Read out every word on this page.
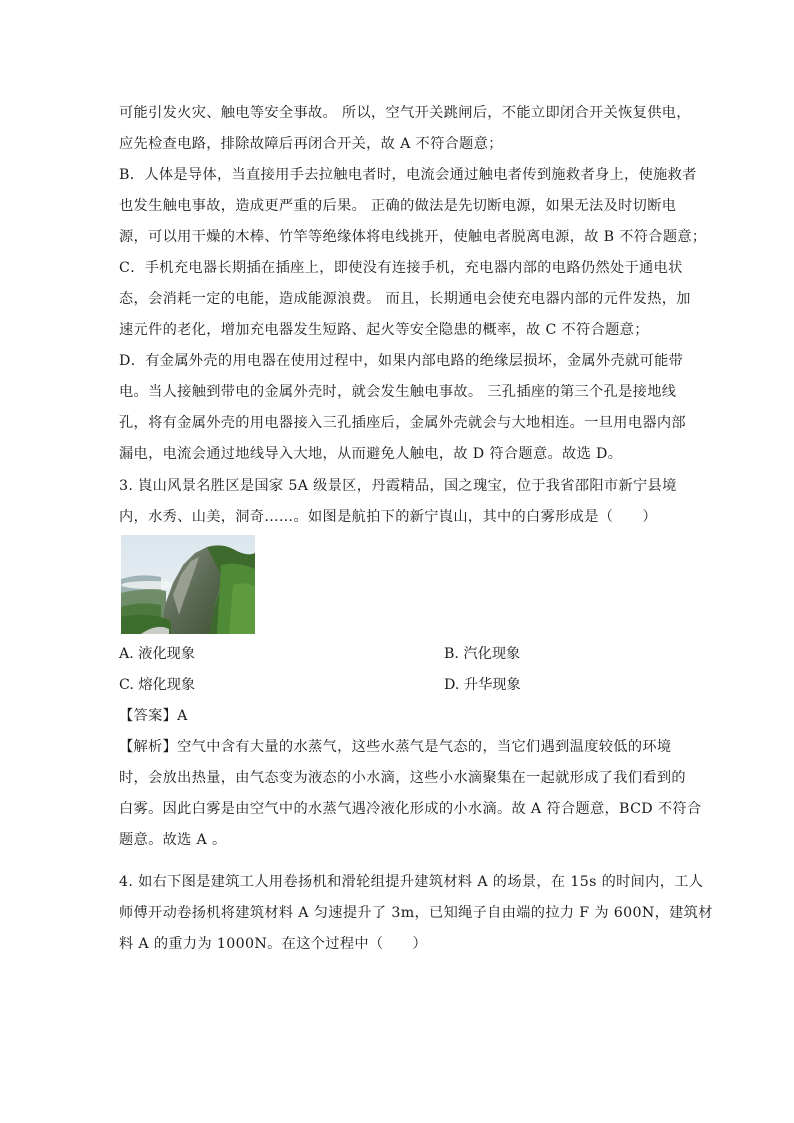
可能引发火灾、触电等安全事故。 所以，空气开关跳闸后，不能立即闭合开关恢复供电，
应先检查电路，排除故障后再闭合开关，故 A 不符合题意；
B．人体是导体，当直接用手去拉触电者时，电流会通过触电者传到施救者身上，使施救者
也发生触电事故，造成更严重的后果。 正确的做法是先切断电源，如果无法及时切断电
源，可以用干燥的木棒、竹竿等绝缘体将电线挑开，使触电者脱离电源，故 B 不符合题意；
C．手机充电器长期插在插座上，即使没有连接手机，充电器内部的电路仍然处于通电状
态，会消耗一定的电能，造成能源浪费。 而且，长期通电会使充电器内部的元件发热，加
速元件的老化，增加充电器发生短路、起火等安全隐患的概率，故 C 不符合题意；
D．有金属外壳的用电器在使用过程中，如果内部电路的绝缘层损坏，金属外壳就可能带
电。当人接触到带电的金属外壳时，就会发生触电事故。 三孔插座的第三个孔是接地线
孔，将有金属外壳的用电器接入三孔插座后，金属外壳就会与大地相连。一旦用电器内部
漏电，电流会通过地线导入大地，从而避免人触电，故 D 符合题意。故选 D。
3. 崀山风景名胜区是国家 5A 级景区，丹霞精品，国之瑰宝，位于我省邵阳市新宁县境
内，水秀、山美，洞奇……。如图是航拍下的新宁崀山，其中的白雾形成是（　　）
A. 液化现象	B. 汽化现象
C. 熔化现象	D. 升华现象
【答案】A
【解析】空气中含有大量的水蒸气，这些水蒸气是气态的，当它们遇到温度较低的环境
时，会放出热量，由气态变为液态的小水滴，这些小水滴聚集在一起就形成了我们看到的
白雾。因此白雾是由空气中的水蒸气遇冷液化形成的小水滴。故 A 符合题意，BCD 不符合
题意。故选 A 。
4. 如右下图是建筑工人用卷扬机和滑轮组提升建筑材料 A 的场景，在 15s 的时间内，工人
师傅开动卷扬机将建筑材料 A 匀速提升了 3m，已知绳子自由端的拉力 F 为 600N，建筑材
料 A 的重力为 1000N。在这个过程中（　　）
